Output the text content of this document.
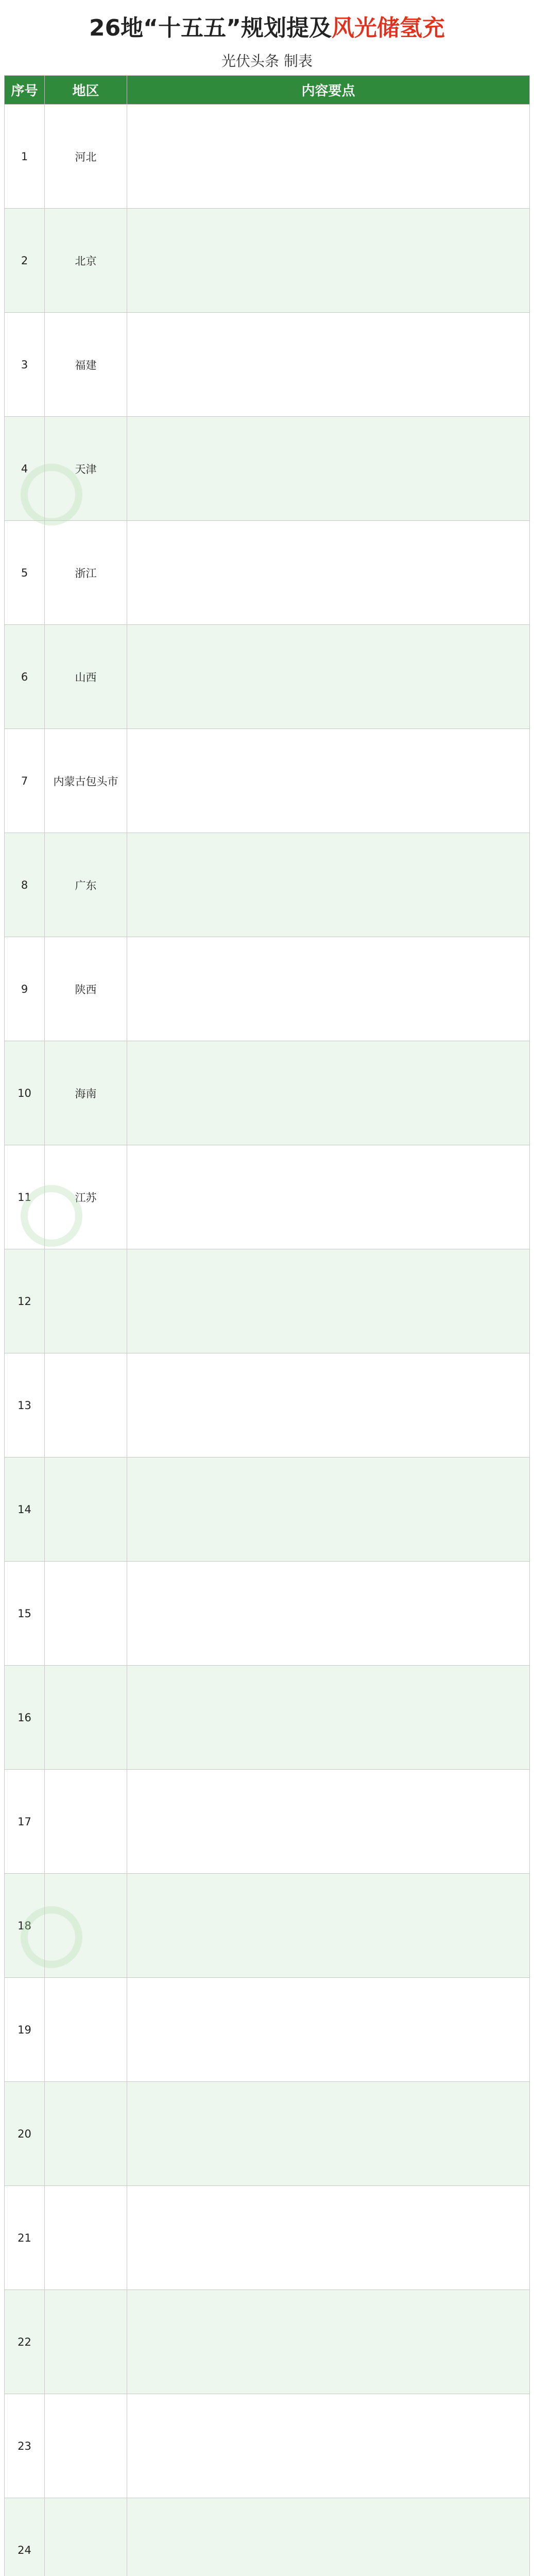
26地“十五五”规划提及风光储氢充
光伏头条 制表
序号	地区	内容要点
1	河北	
2	北京	
3	福建	
4	天津	
5	浙江	
6	山西	
7	内蒙古包头市	
8	广东	
9	陕西	
10	海南	
11	江苏	
12		
13		
14		
15		
16		
17		
18		
19		
20		
21		
22		
23		
24		
